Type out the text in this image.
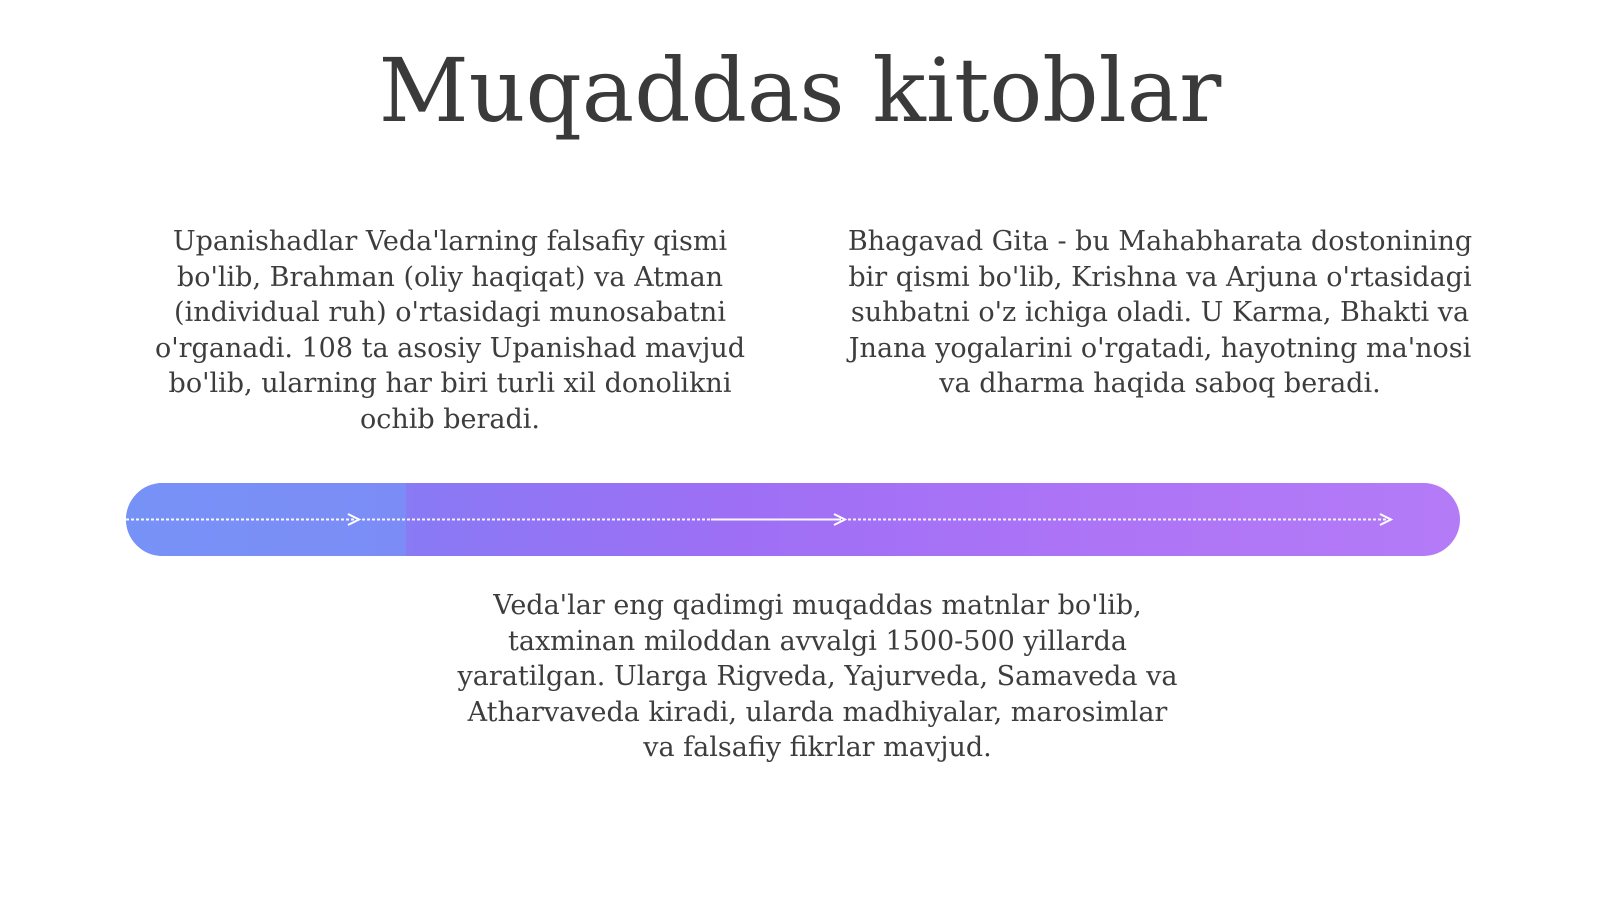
Muqaddas kitoblar
Upanishadlar Veda'larning falsafiy qismi bo'lib, Brahman (oliy haqiqat) va Atman (individual ruh) o'rtasidagi munosabatni o'rganadi. 108 ta asosiy Upanishad mavjud bo'lib, ularning har biri turli xil donolikni ochib beradi.
Bhagavad Gita - bu Mahabharata dostonining bir qismi bo'lib, Krishna va Arjuna o'rtasidagi suhbatni o'z ichiga oladi. U Karma, Bhakti va Jnana yogalarini o'rgatadi, hayotning ma'nosi va dharma haqida saboq beradi.
Veda'lar eng qadimgi muqaddas matnlar bo'lib, taxminan miloddan avvalgi 1500-500 yillarda yaratilgan. Ularga Rigveda, Yajurveda, Samaveda va Atharvaveda kiradi, ularda madhiyalar, marosimlar va falsafiy fikrlar mavjud.
